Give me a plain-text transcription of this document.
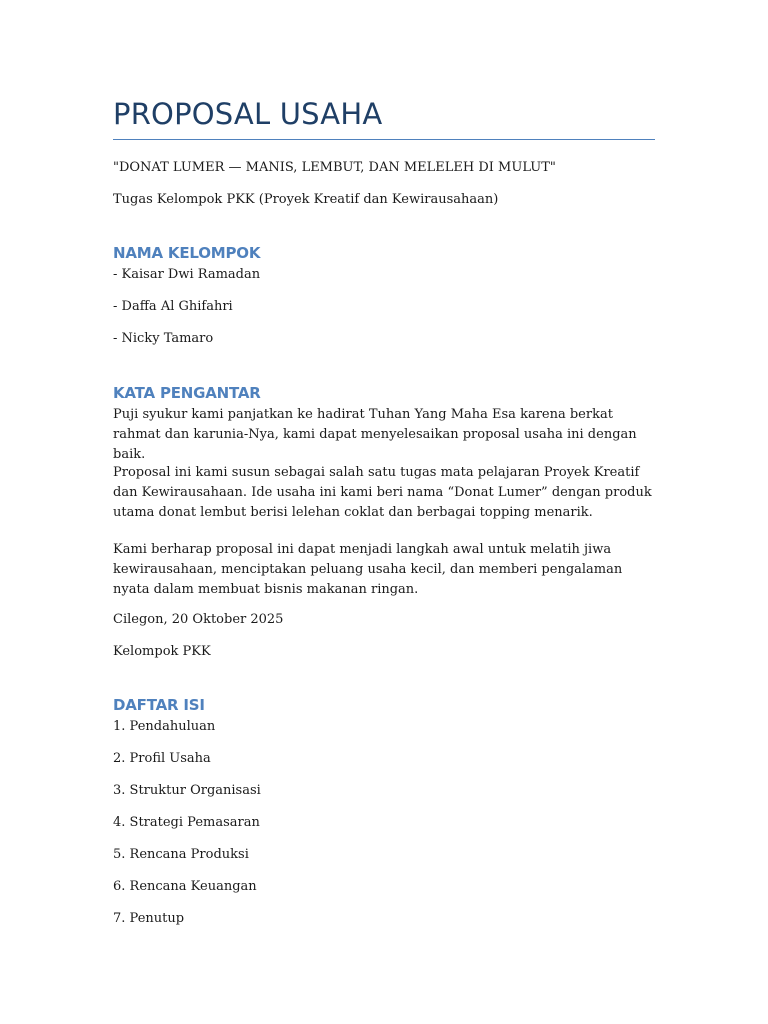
PROPOSAL USAHA

"DONAT LUMER — MANIS, LEMBUT, DAN MELELEH DI MULUT"

Tugas Kelompok PKK (Proyek Kreatif dan Kewirausahaan)

NAMA KELOMPOK

- Kaisar Dwi Ramadan

- Daffa Al Ghifahri

- Nicky Tamaro

KATA PENGANTAR

Puji syukur kami panjatkan ke hadirat Tuhan Yang Maha Esa karena berkat rahmat dan karunia-Nya, kami dapat menyelesaikan proposal usaha ini dengan baik.

Proposal ini kami susun sebagai salah satu tugas mata pelajaran Proyek Kreatif dan Kewirausahaan. Ide usaha ini kami beri nama “Donat Lumer” dengan produk utama donat lembut berisi lelehan coklat dan berbagai topping menarik.

Kami berharap proposal ini dapat menjadi langkah awal untuk melatih jiwa kewirausahaan, menciptakan peluang usaha kecil, dan memberi pengalaman nyata dalam membuat bisnis makanan ringan.

Cilegon, 20 Oktober 2025

Kelompok PKK

DAFTAR ISI

1. Pendahuluan

2. Profil Usaha

3. Struktur Organisasi

4. Strategi Pemasaran

5. Rencana Produksi

6. Rencana Keuangan

7. Penutup
